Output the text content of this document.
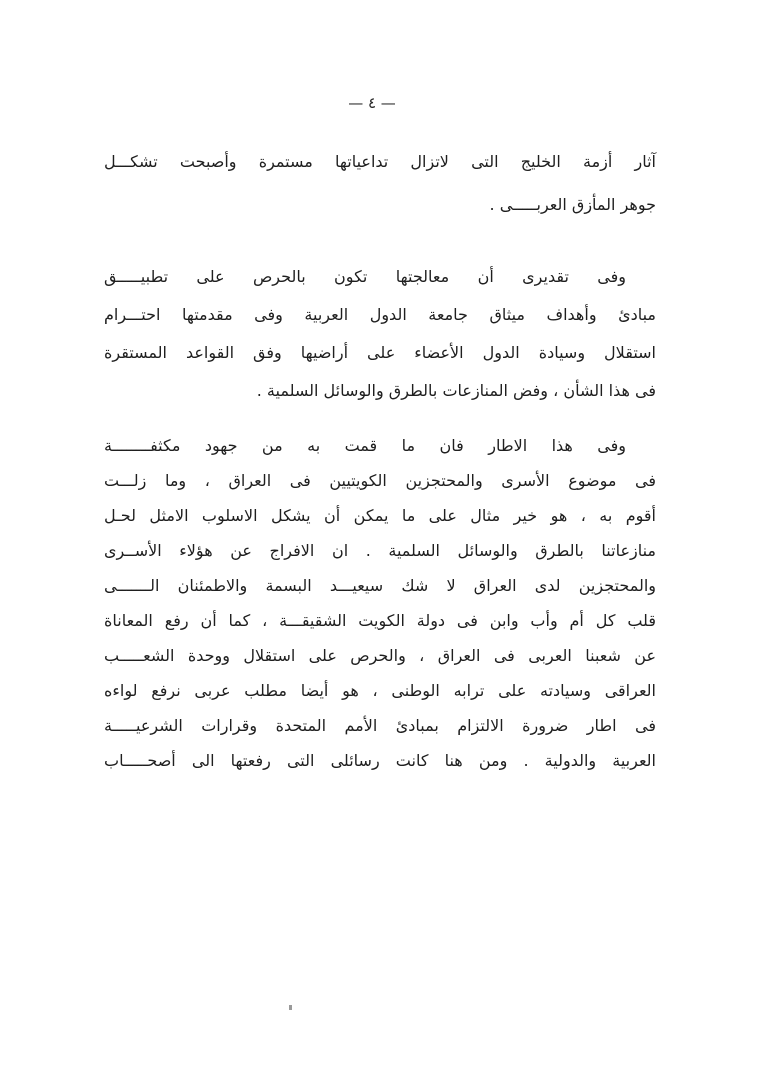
— ٤ —
آثار أزمة الخليج التى لاتزال تداعياتها مستمرة وأصبحت تشكـــل
جوهر المأزق العربـــــى .
وفى تقديرى أن معالجتها تكون بالحرص على تطبيـــــق
مبادئ وأهداف ميثاق جامعة الدول العربية وفى مقدمتها احتـــرام
استقلال وسيادة الدول الأعضاء على أراضيها وفق القواعد المستقرة
فى هذا الشأن ، وفض المنازعات بالطرق والوسائل السلمية .
وفى هذا الاطار فان ما قمت به من جهود مكثفــــــــة
فى موضوع الأسرى والمحتجزين الكويتيين فى العراق ، وما زلـــت
أقوم به ، هو خير مثال على ما يمكن أن يشكل الاسلوب الامثل لحـل
منازعاتنا بالطرق والوسائل السلمية . ان الافراج عن هؤلاء الأســرى
والمحتجزين لدى العراق لا شك سيعيـــد البسمة والاطمئنان الـــــــى
قلب كل أم وأب وابن فى دولة الكويت الشقيقـــة ، كما أن رفع المعاناة
عن شعبنا العربى فى العراق ، والحرص على استقلال ووحدة الشعـــــب
العراقى وسيادته على ترابه الوطنى ، هو أيضا مطلب عربى نرفع لواءه
فى اطار ضرورة الالتزام بمبادئ الأمم المتحدة وقرارات الشرعيـــــة
العربية والدولية . ومن هنا كانت رسائلى التى رفعتها الى أصحـــــاب
